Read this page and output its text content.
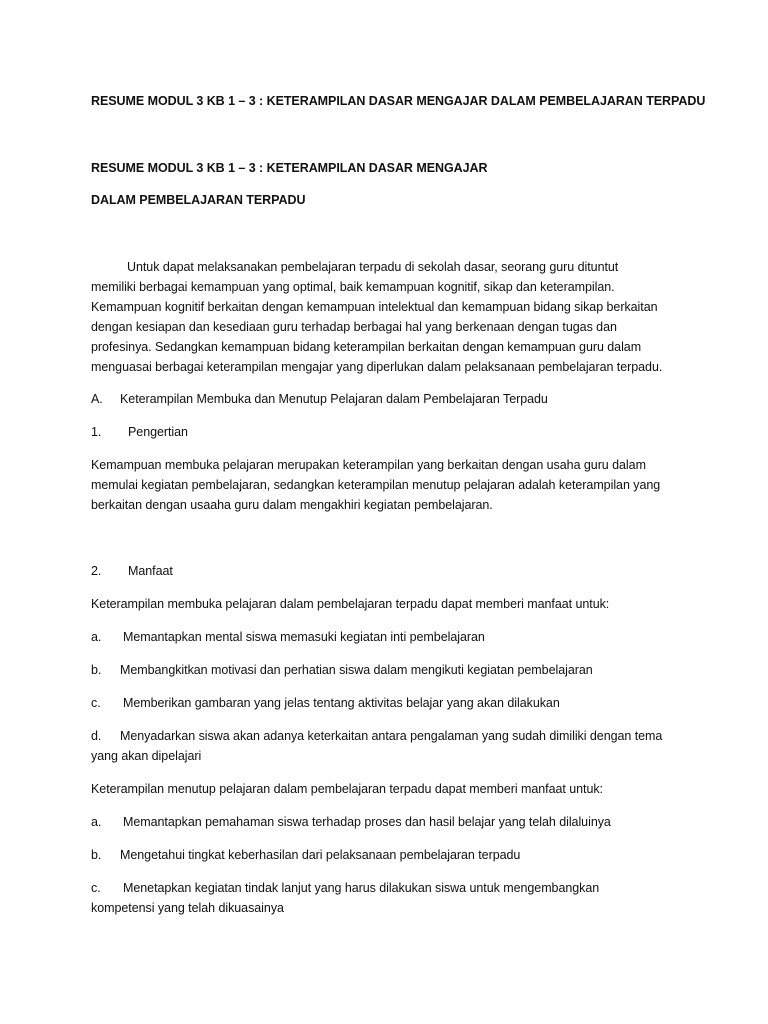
RESUME MODUL 3 KB 1 – 3 : KETERAMPILAN DASAR MENGAJAR DALAM PEMBELAJARAN TERPADU
RESUME MODUL 3 KB 1 – 3 : KETERAMPILAN DASAR MENGAJAR
DALAM PEMBELAJARAN TERPADU
Untuk dapat melaksanakan pembelajaran terpadu di sekolah dasar, seorang guru dituntut
memiliki berbagai kemampuan yang optimal, baik kemampuan kognitif, sikap dan keterampilan.
Kemampuan kognitif berkaitan dengan kemampuan intelektual dan kemampuan bidang sikap berkaitan
dengan kesiapan dan kesediaan guru terhadap berbagai hal yang berkenaan dengan tugas dan
profesinya. Sedangkan kemampuan bidang keterampilan berkaitan dengan kemampuan guru dalam
menguasai berbagai keterampilan mengajar yang diperlukan dalam pelaksanaan pembelajaran terpadu.
A. Keterampilan Membuka dan Menutup Pelajaran dalam Pembelajaran Terpadu
1. Pengertian
Kemampuan membuka pelajaran merupakan keterampilan yang berkaitan dengan usaha guru dalam
memulai kegiatan pembelajaran, sedangkan keterampilan menutup pelajaran adalah keterampilan yang
berkaitan dengan usaaha guru dalam mengakhiri kegiatan pembelajaran.
2. Manfaat
Keterampilan membuka pelajaran dalam pembelajaran terpadu dapat memberi manfaat untuk:
a. Memantapkan mental siswa memasuki kegiatan inti pembelajaran
b. Membangkitkan motivasi dan perhatian siswa dalam mengikuti kegiatan pembelajaran
c. Memberikan gambaran yang jelas tentang aktivitas belajar yang akan dilakukan
d. Menyadarkan siswa akan adanya keterkaitan antara pengalaman yang sudah dimiliki dengan tema
yang akan dipelajari
Keterampilan menutup pelajaran dalam pembelajaran terpadu dapat memberi manfaat untuk:
a. Memantapkan pemahaman siswa terhadap proses dan hasil belajar yang telah dilaluinya
b. Mengetahui tingkat keberhasilan dari pelaksanaan pembelajaran terpadu
c. Menetapkan kegiatan tindak lanjut yang harus dilakukan siswa untuk mengembangkan
kompetensi yang telah dikuasainya
